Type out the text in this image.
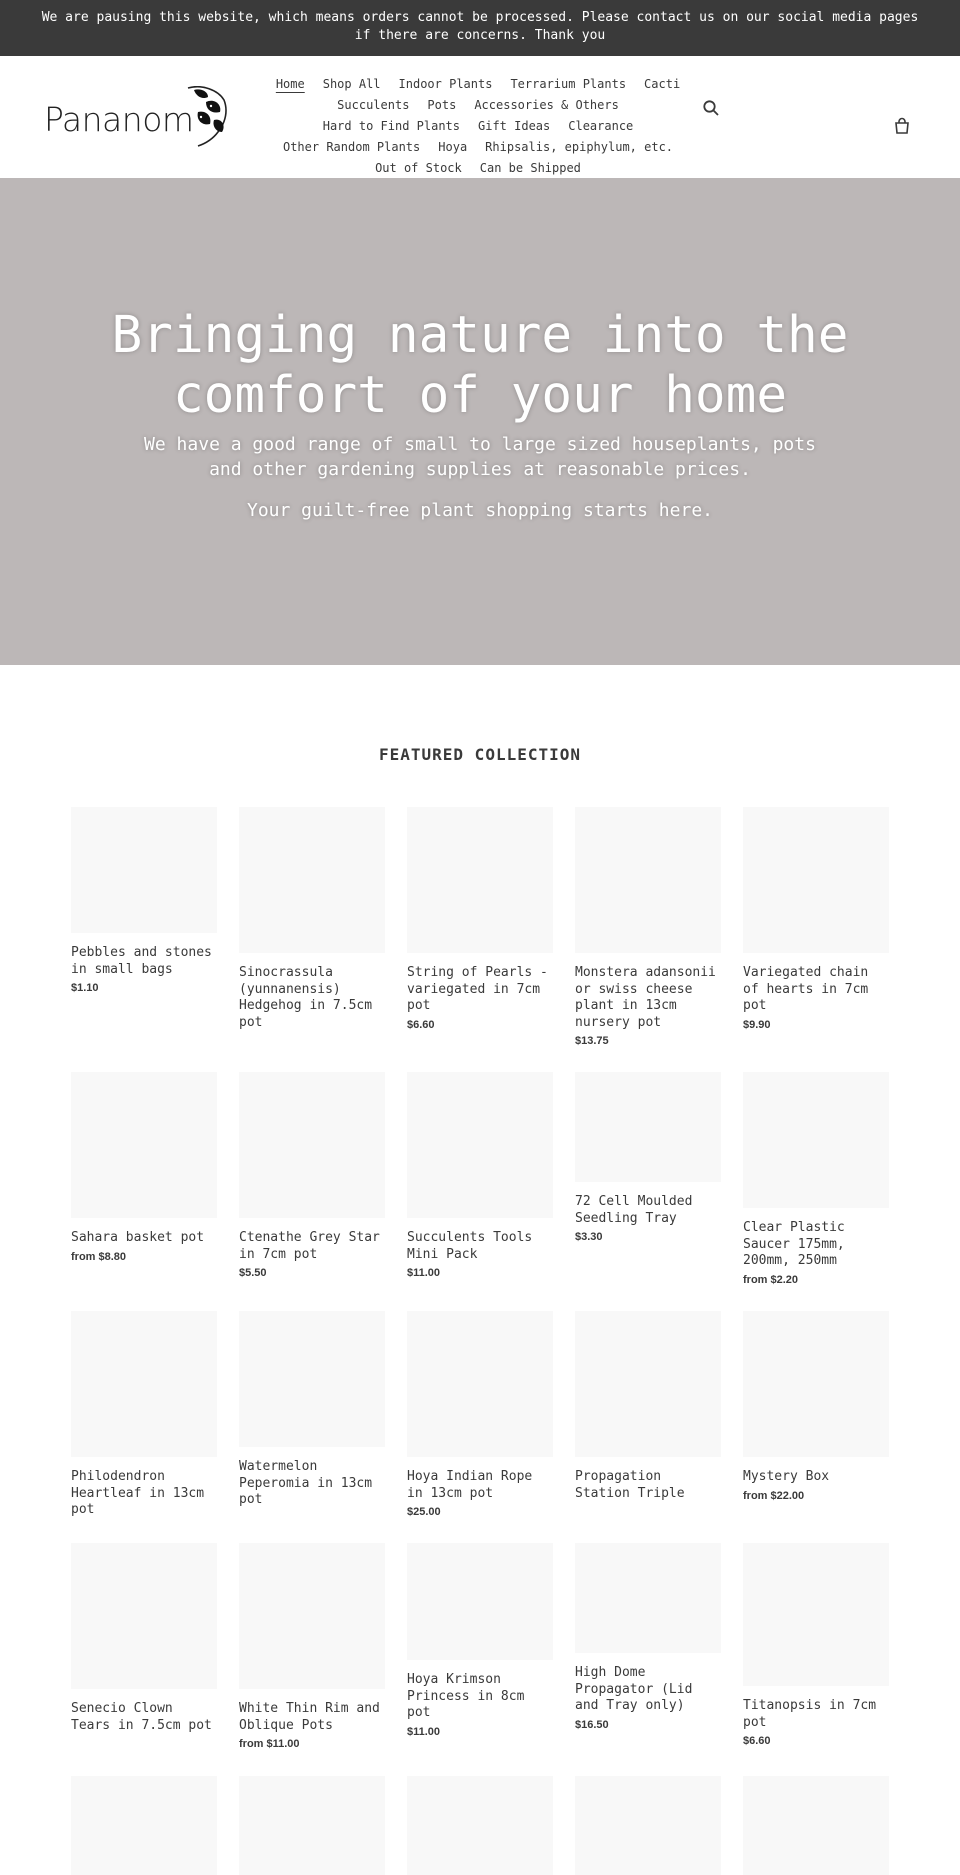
We are pausing this website, which means orders cannot be processed. Please contact us on our social media pages if there are concerns. Thank you
Pananom
Home Shop All Indoor Plants Terrarium Plants CactiSucculents Pots Accessories & OthersHard to Find Plants Gift Ideas ClearanceOther Random Plants Hoya Rhipsalis, epiphylum, etc.Out of Stock Can be Shipped
Bringing nature into the comfort of your home

We have a good range of small to large sized houseplants, pots and other gardening supplies at reasonable prices.

Your guilt-free plant shopping starts here.

FEATURED COLLECTION
Pebbles and stones in small bags
$1.10
Sinocrassula (yunnanensis) Hedgehog in 7.5cm pot
String of Pearls - variegated in 7cm pot
$6.60
Monstera adansonii or swiss cheese plant in 13cm nursery pot
$13.75
Variegated chain of hearts in 7cm pot
$9.90
Sahara basket pot
from $8.80
Ctenathe Grey Star in 7cm pot
$5.50
Succulents Tools Mini Pack
$11.00
72 Cell Moulded Seedling Tray
$3.30
Clear Plastic Saucer 175mm, 200mm, 250mm
from $2.20
Philodendron Heartleaf in 13cm pot
Watermelon Peperomia in 13cm pot
Hoya Indian Rope in 13cm pot
$25.00
Propagation Station Triple
Mystery Box
from $22.00
Senecio Clown Tears in 7.5cm pot
White Thin Rim and Oblique Pots
from $11.00
Hoya Krimson Princess in 8cm pot
$11.00
High Dome Propagator (Lid and Tray only)
$16.50
Titanopsis in 7cm pot
$6.60
